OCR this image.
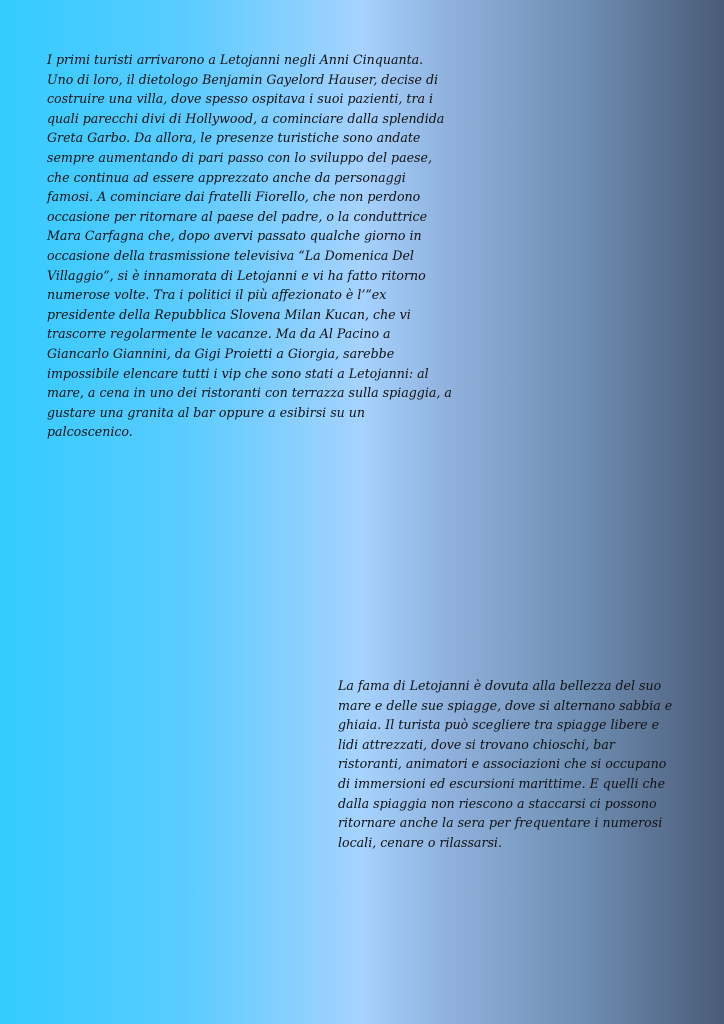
I primi turisti arrivarono a Letojanni negli Anni Cinquanta. Uno di loro, il dietologo Benjamin Gayelord Hauser, decise di costruire una villa, dove spesso ospitava i suoi pazienti, tra i quali parecchi divi di Hollywood, a cominciare dalla splendida Greta Garbo. Da allora, le presenze turistiche sono andate sempre aumentando di pari passo con lo sviluppo del paese, che continua ad essere apprezzato anche da personaggi famosi. A cominciare dai fratelli Fiorello, che non perdono occasione per ritornare al paese del padre, o la conduttrice Mara Carfagna che, dopo avervi passato qualche giorno in occasione della trasmissione televisiva “La Domenica Del Villaggio”, si è innamorata di Letojanni e vi ha fatto ritorno numerose volte. Tra i politici il più affezionato è l’”ex presidente della Repubblica Slovena Milan Kucan, che vi trascorre regolarmente le vacanze. Ma da Al Pacino a Giancarlo Giannini, da Gigi Proietti a Giorgia, sarebbe impossibile elencare tutti i vip che sono stati a Letojanni: al mare, a cena in uno dei ristoranti con terrazza sulla spiaggia, a gustare una granita al bar oppure a esibirsi su un palcoscenico.

La fama di Letojanni è dovuta alla bellezza del suo mare e delle sue spiagge, dove si alternano sabbia e ghiaia. Il turista può scegliere tra spiagge libere e lidi attrezzati, dove si trovano chioschi, bar ristoranti, animatori e associazioni che si occupano di immersioni ed escursioni marittime. E quelli che dalla spiaggia non riescono a staccarsi ci possono ritornare anche la sera per frequentare i numerosi locali, cenare o rilassarsi.
